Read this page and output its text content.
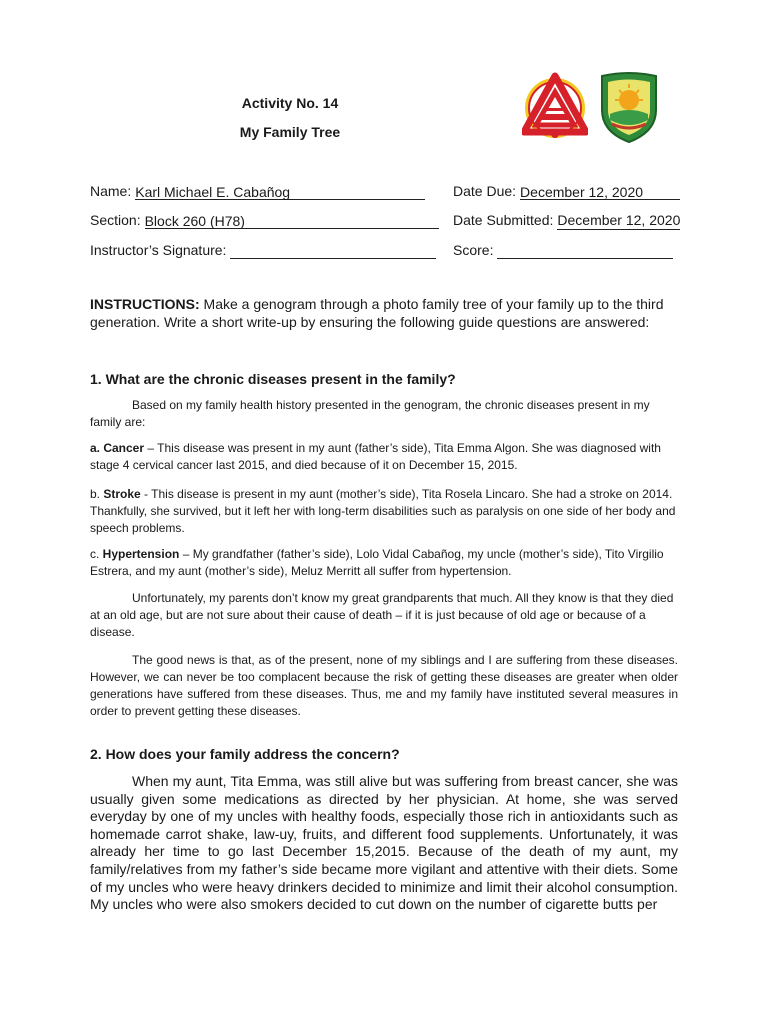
Activity No. 14
My Family Tree
Name: Karl Michael E. Cabañog	Date Due: December 12, 2020
Section: Block 260 (H78)	Date Submitted: December 12, 2020
Instructor’s Signature:	Score:

INSTRUCTIONS: Make a genogram through a photo family tree of your family up to the third generation. Write a short write-up by ensuring the following guide questions are answered:

1. What are the chronic diseases present in the family?

Based on my family health history presented in the genogram, the chronic diseases present in my family are:

a. Cancer – This disease was present in my aunt (father’s side), Tita Emma Algon. She was diagnosed with stage 4 cervical cancer last 2015, and died because of it on December 15, 2015.

b. Stroke - This disease is present in my aunt (mother’s side), Tita Rosela Lincaro. She had a stroke on 2014. Thankfully, she survived, but it left her with long-term disabilities such as paralysis on one side of her body and speech problems.

c. Hypertension – My grandfather (father’s side), Lolo Vidal Cabañog, my uncle (mother’s side), Tito Virgilio Estrera, and my aunt (mother’s side), Meluz Merritt all suffer from hypertension.

Unfortunately, my parents don’t know my great grandparents that much. All they know is that they died at an old age, but are not sure about their cause of death – if it is just because of old age or because of a disease.

The good news is that, as of the present, none of my siblings and I are suffering from these diseases. However, we can never be too complacent because the risk of getting these diseases are greater when older generations have suffered from these diseases. Thus, me and my family have instituted several measures in order to prevent getting these diseases.

2. How does your family address the concern?

When my aunt, Tita Emma, was still alive but was suffering from breast cancer, she was usually given some medications as directed by her physician. At home, she was served everyday by one of my uncles with healthy foods, especially those rich in antioxidants such as homemade carrot shake, law-uy, fruits, and different food supplements. Unfortunately, it was already her time to go last December 15,2015. Because of the death of my aunt, my family/relatives from my father’s side became more vigilant and attentive with their diets. Some of my uncles who were heavy drinkers decided to minimize and limit their alcohol consumption. My uncles who were also smokers decided to cut down on the number of cigarette butts per
